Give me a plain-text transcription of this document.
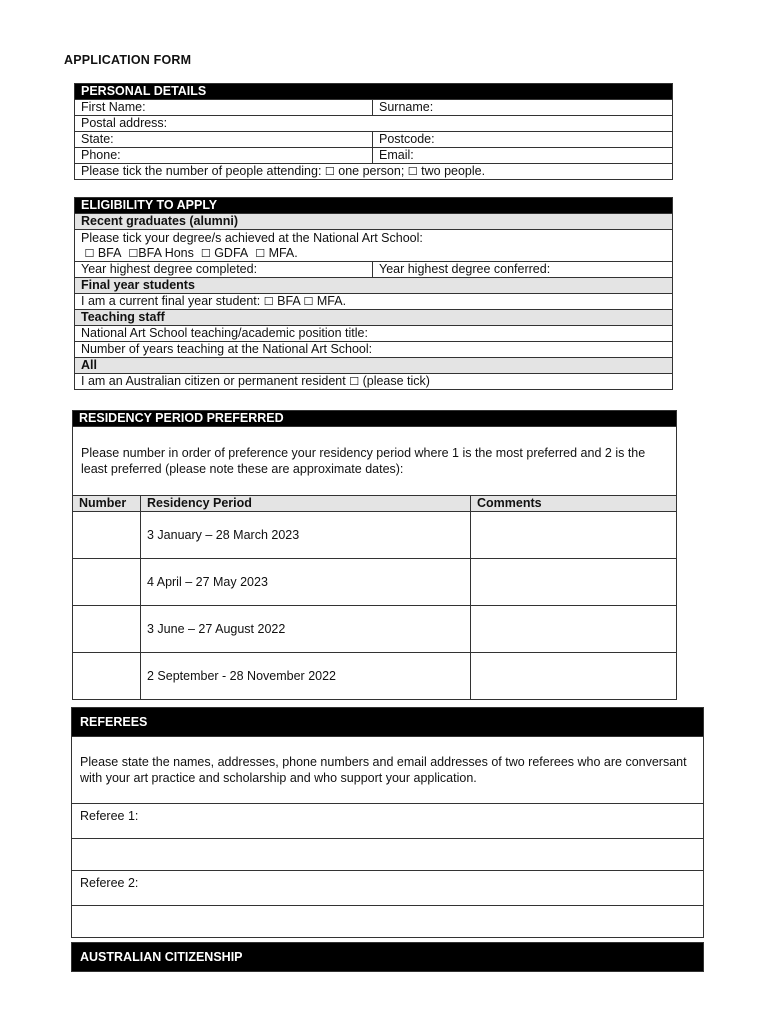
APPLICATION FORM
PERSONAL DETAILS	
First Name:	Surname:
Postal address:	
State:	Postcode:
Phone:	Email:
Please tick the number of people attending: ☐ one person; ☐ two people.	
ELIGIBILITY TO APPLY
Recent graduates (alumni)

Please tick your degree/s achieved at the National Art School:
☐ BFA ☐BFA Hons ☐ GDFA ☐ MFA.

Year highest degree completed:	Year highest degree conferred:
Final year students
I am a current final year student: ☐ BFA ☐ MFA.
Teaching staff
National Art School teaching/academic position title:
Number of years teaching at the National Art School:
All
I am an Australian citizen or permanent resident ☐ (please tick)
RESIDENCY PERIOD PREFERRED		
Please number in order of preference your residency period where 1 is the most preferred and 2 is the least preferred (please note these are approximate dates):		
Number	Residency Period	Comments
	3 January – 28 March 2023	
	4 April – 27 May 2023	
	3 June – 27 August 2022	
	2 September - 28 November 2022	
REFEREES
Please state the names, addresses, phone numbers and email addresses of two referees who are conversant with your art practice and scholarship and who support your application.
Referee 1:

Referee 2:

AUSTRALIAN CITIZENSHIP
